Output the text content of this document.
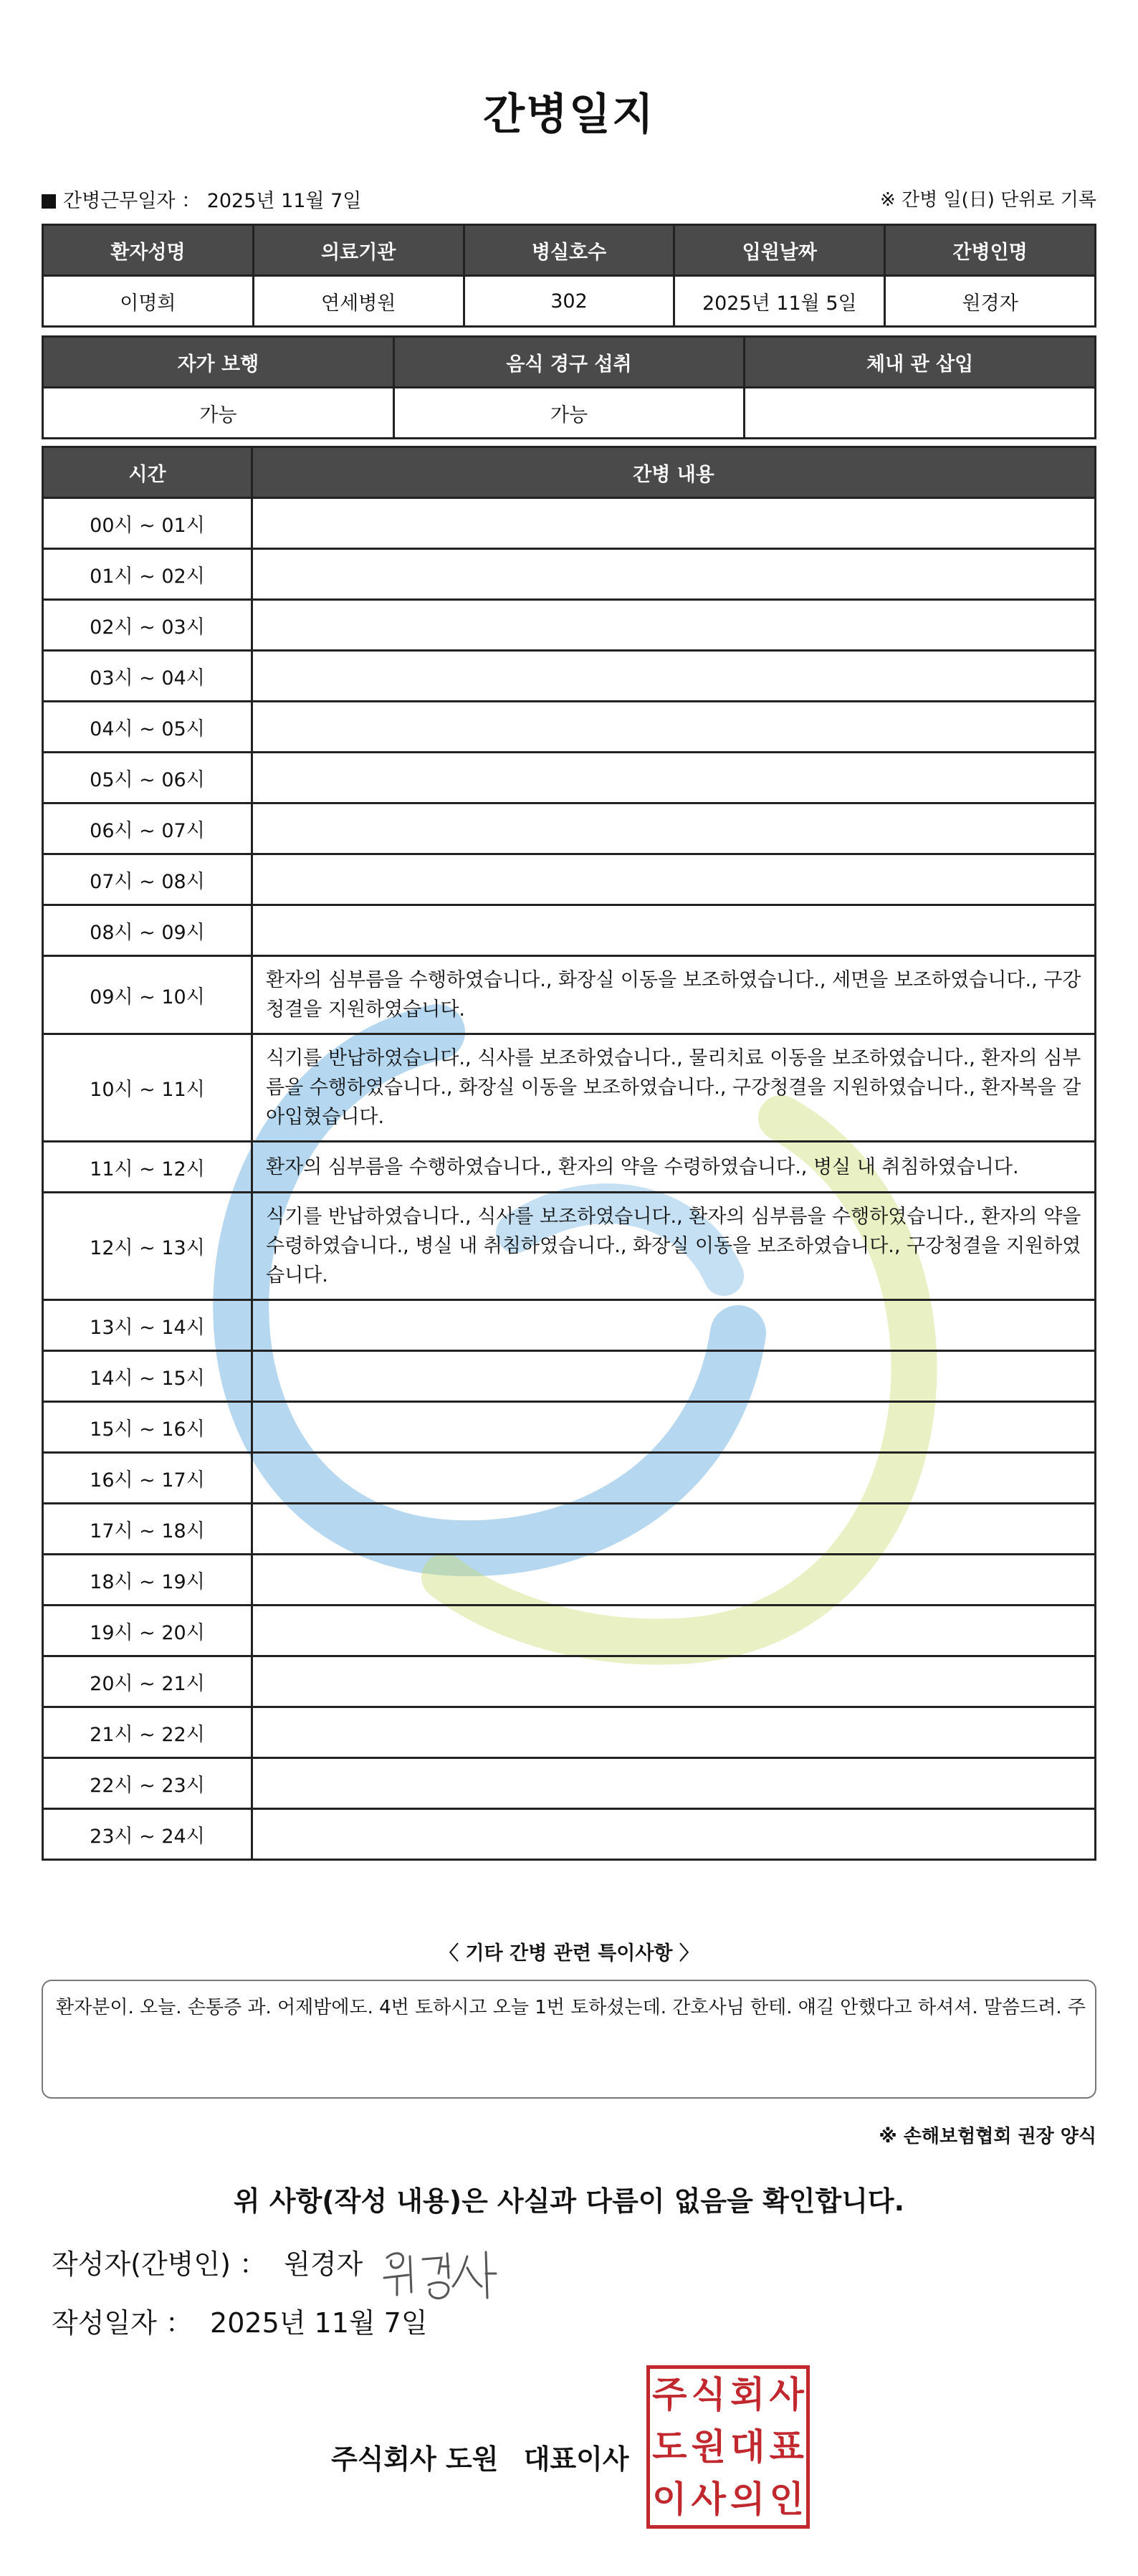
간병일지
간병근무일자 ： 2025년 11월 7일	※ 간병 일(日) 단위로 기록
환자성명	의료기관	병실호수	입원날짜	간병인명
이명희	연세병원	302	2025년 11월 5일	원경자
자가 보행	음식 경구 섭취	체내 관 삽입
가능	가능	
시간	간병 내용
00시 ~ 01시	
01시 ~ 02시	
02시 ~ 03시	
03시 ~ 04시	
04시 ~ 05시	
05시 ~ 06시	
06시 ~ 07시	
07시 ~ 08시	
08시 ~ 09시	
09시 ~ 10시	환자의 심부름을 수행하였습니다., 화장실 이동을 보조하였습니다., 세면을 보조하였습니다., 구강청결을 지원하였습니다.
10시 ~ 11시	식기를 반납하였습니다., 식사를 보조하였습니다., 물리치료 이동을 보조하였습니다., 환자의 심부름을 수행하였습니다., 화장실 이동을 보조하였습니다., 구강청결을 지원하였습니다., 환자복을 갈아입혔습니다.
11시 ~ 12시	환자의 심부름을 수행하였습니다., 환자의 약을 수령하였습니다., 병실 내 취침하였습니다.
12시 ~ 13시	식기를 반납하였습니다., 식사를 보조하였습니다., 환자의 심부름을 수행하였습니다., 환자의 약을 수령하였습니다., 병실 내 취침하였습니다., 화장실 이동을 보조하였습니다., 구강청결을 지원하였습니다.
13시 ~ 14시	
14시 ~ 15시	
15시 ~ 16시	
16시 ~ 17시	
17시 ~ 18시	
18시 ~ 19시	
19시 ~ 20시	
20시 ~ 21시	
21시 ~ 22시	
22시 ~ 23시	
23시 ~ 24시	
〈 기타 간병 관련 특이사항 〉
환자분이. 오늘. 손통증 과. 어제밤에도. 4번 토하시고 오늘 1번 토하셨는데. 간호사님 한테. 얘길 안했다고 하셔셔. 말씀드려. 주
※ 손해보험협회 권장 양식
위 사항(작성 내용)은 사실과 다름이 없음을 확인합니다.
작성자(간병인) ： 원경자
작성일자 ： 2025년 11월 7일
주식회사 도원 대표이사
주 식 회 사
도 원 대 표
이 사 의 인
